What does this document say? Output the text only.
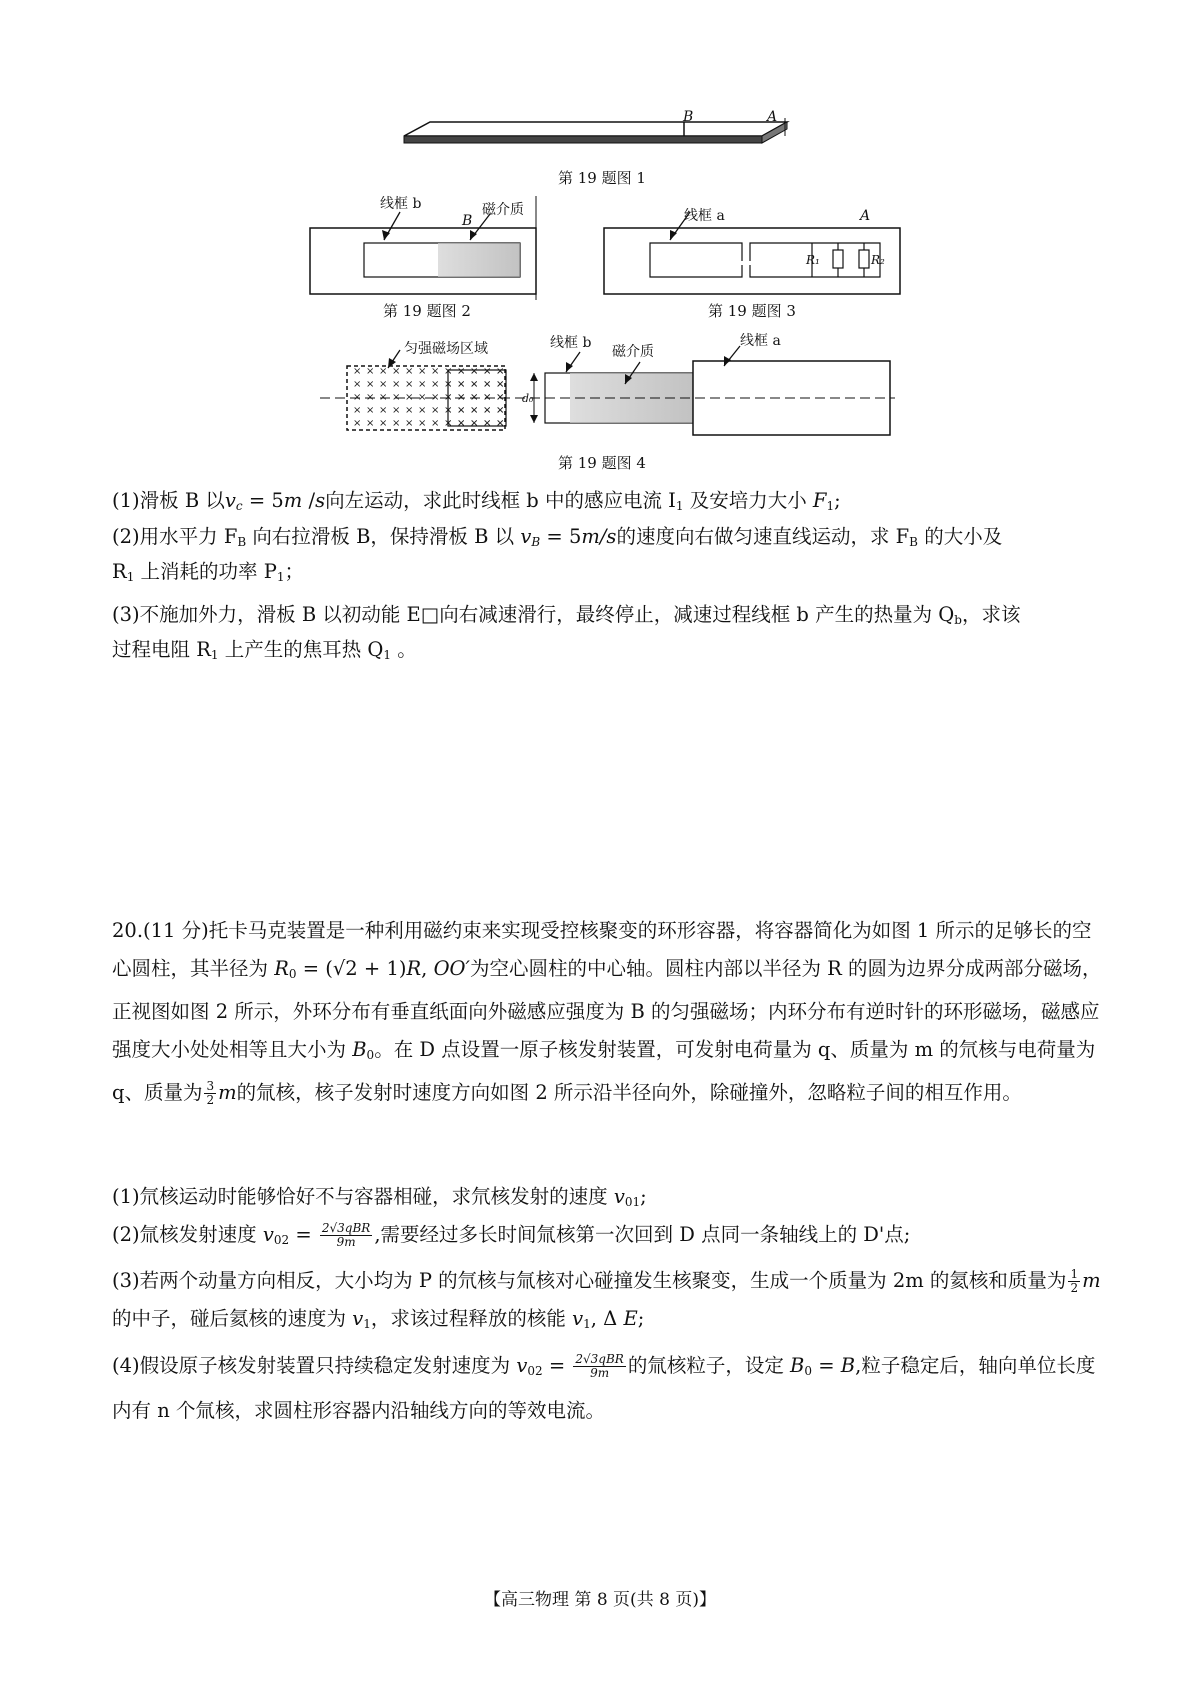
B	A
第 19 题图 1
线框 b
B
磁介质
第 19 题图 2
线框 a	A
R₁	R₂
第 19 题图 3
d₀
匀强磁场区域	线框 b
磁介质
线框 a
第 19 题图 4

(1)滑板 B 以$v_c = 5m$ /s向左运动，求此时线框 b 中的感应电流 $I_1$ 及安培力大小 $F_1$;

(2)用水平力 $F_B$ 向右拉滑板 B，保持滑板 B 以 $v_B = 5m/s$的速度向右做匀速直线运动，求 $F_B$ 的大小及
$R_1$ 上消耗的功率 $P_1$；

(3)不施加外力，滑板 B 以初动能 E□向右减速滑行，最终停止，减速过程线框 b 产生的热量为 $Q_b$，求该
过程电阻 $R_1$ 上产生的焦耳热 $Q_1$ 。

20.(11 分)托卡马克装置是一种利用磁约束来实现受控核聚变的环形容器，将容器简化为如图 1 所示的足够长的空心圆柱，其半径为 $R_0 = (√2 + 1)R$, OO′为空心圆柱的中心轴。圆柱内部以半径为 R 的圆为边界分成两部分磁场，正视图如图 2 所示，外环分布有垂直纸面向外磁感应强度为 B 的匀强磁场；内环分布有逆时针的环形磁场，磁感应强度大小处处相等且大小为 $B_0$。在 D 点设置一原子核发射装置，可发射电荷量为 q、质量为 m 的氘核与电荷量为 q、质量为 $\frac{3}{2}$ m的氚核，核子发射时速度方向如图 2 所示沿半径向外，除碰撞外，忽略粒子间的相互作用。

(1)氘核运动时能够恰好不与容器相碰，求氘核发射的速度 $v_{01}$;

(2)氚核发射速度 $v_{02} = \frac{\text{2√3qBR}}{9m}$ ,需要经过多长时间氚核第一次回到 D 点同一条轴线上的 D'点;

(3)若两个动量方向相反，大小均为 P 的氘核与氚核对心碰撞发生核聚变，生成一个质量为 2m 的氦核和质量为 $\frac{1}{2}$ m的中子，碰后氦核的速度为 $v_1$，求该过程释放的核能 $v_1$, Δ E;

(4)假设原子核发射装置只持续稳定发射速度为 $v_{02} = \frac{\text{2√3qBR}}{9m}$ 的氚核粒子，设定 $B_0 = B$,粒子稳定后，轴向单位长度内有 n 个氚核，求圆柱形容器内沿轴线方向的等效电流。

【高三物理 第 8 页(共 8 页)】
